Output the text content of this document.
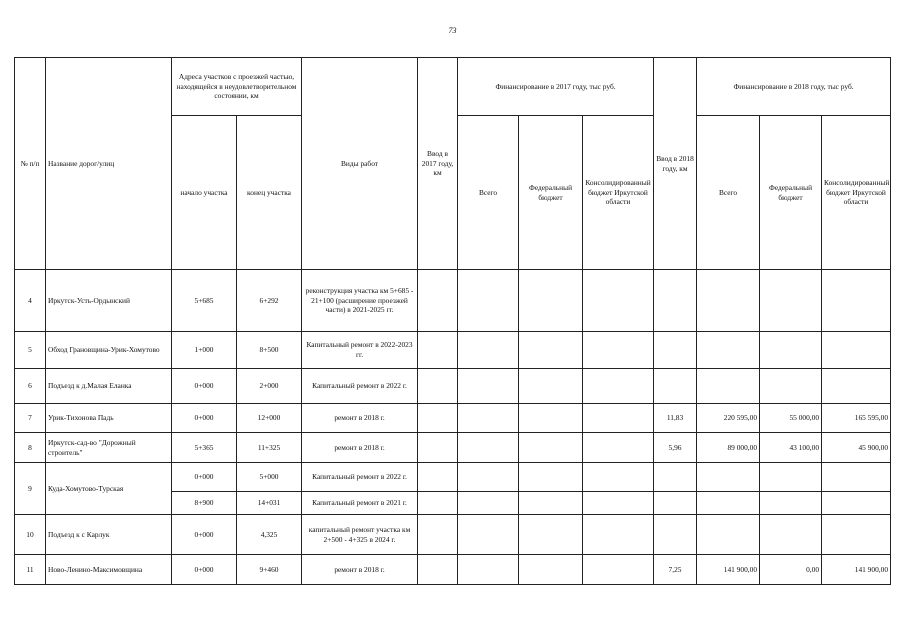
73
№ п/п	Название дорог/улиц	Адреса участков с проезжей частью, находящейся в неудовлетворительном состоянии, км		Виды работ	Ввод в 2017 году, км	Финансирование в 2017 году, тыс руб.			Ввод в 2018 году, км	Финансирование в 2018 году, тыс руб.		
		начало участка	конец участка			Всего	Федеральный бюджет	Консолидированный бюджет Иркутской области		Всего	Федеральный бюджет	Консолидированный бюджет Иркутской области
4	Иркутск-Усть-Ордынский	5+685	6+292	реконструкция участка км 5+685 - 21+100 (расширение проезжей части) в 2021-2025 гг.								
5	Обход Грановщина-Урик-Хомутово	1+000	8+500	Капитальный ремонт в 2022-2023 гг.								
6	Подъезд к д.Малая Еланка	0+000	2+000	Капитальный ремонт в 2022 г.								
7	Урик-Тихонова Падь	0+000	12+000	ремонт в 2018 г.					11,83	220 595,00	55 000,00	165 595,00
8	Иркутск-сад-во "Дорожный строитель"	5+365	11+325	ремонт в 2018 г.					5,96	89 000,00	43 100,00	45 900,00
9	Куда-Хомутово-Турская	0+000	5+000	Капитальный ремонт в 2022 г.								
		8+900	14+031	Капитальный ремонт в 2021 г.								
10	Подъезд к с Карлук	0+000	4,325	капитальный ремонт участка км 2+500 - 4+325 в 2024 г.								
11	Ново-Ленино-Максимовщина	0+000	9+460	ремонт в 2018 г.					7,25	141 900,00	0,00	141 900,00
